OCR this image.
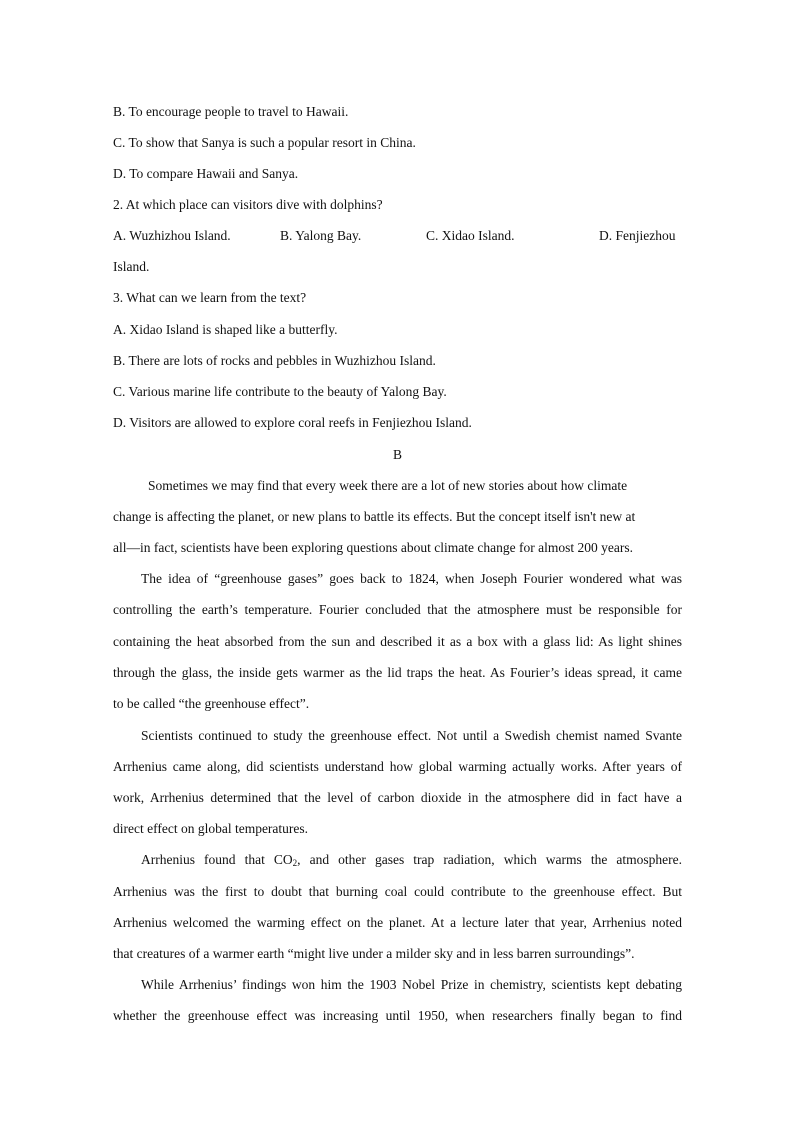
B. To encourage people to travel to Hawaii.
C. To show that Sanya is such a popular resort in China.
D. To compare Hawaii and Sanya.
2. At which place can visitors dive with dolphins?
A. Wuzhizhou Island.	B. Yalong Bay.	C. Xidao Island.	D. Fenjiezhou
Island.
3. What can we learn from the text?
A. Xidao Island is shaped like a butterfly.
B. There are lots of rocks and pebbles in Wuzhizhou Island.
C. Various marine life contribute to the beauty of Yalong Bay.
D. Visitors are allowed to explore coral reefs in Fenjiezhou Island.
B
Sometimes we may find that every week there are a lot of new stories about how climate
change is affecting the planet, or new plans to battle its effects. But the concept itself isn't new at
all—in fact, scientists have been exploring questions about climate change for almost 200 years.
The idea of “greenhouse gases” goes back to 1824, when Joseph Fourier wondered what was
controlling the earth’s temperature. Fourier concluded that the atmosphere must be responsible for
containing the heat absorbed from the sun and described it as a box with a glass lid: As light shines
through the glass, the inside gets warmer as the lid traps the heat. As Fourier’s ideas spread, it came
to be called “the greenhouse effect”.
Scientists continued to study the greenhouse effect. Not until a Swedish chemist named Svante
Arrhenius came along, did scientists understand how global warming actually works. After years of
work, Arrhenius determined that the level of carbon dioxide in the atmosphere did in fact have a
direct effect on global temperatures.
Arrhenius found that $CO_2$, and other gases trap radiation, which warms the atmosphere.
Arrhenius was the first to doubt that burning coal could contribute to the greenhouse effect. But
Arrhenius welcomed the warming effect on the planet. At a lecture later that year, Arrhenius noted
that creatures of a warmer earth “might live under a milder sky and in less barren surroundings”.
While Arrhenius’ findings won him the 1903 Nobel Prize in chemistry, scientists kept debating
whether the greenhouse effect was increasing until 1950, when researchers finally began to find
